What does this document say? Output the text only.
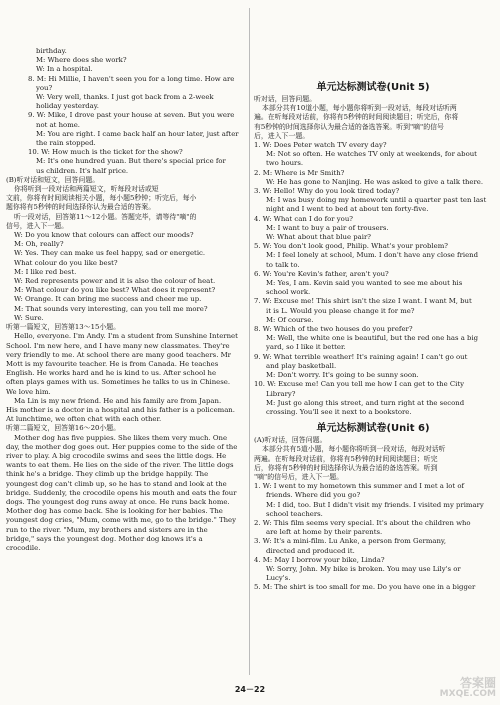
birthday.

M: Where does she work?

W: In a hospital.

8. M: Hi Millie, I haven't seen you for a long time. How are

you?

W: Very well, thanks. I just got back from a 2-week

holiday yesterday.

9. W: Mike, I drove past your house at seven. But you were

not at home.

M: You are right. I came back half an hour later, just after

the rain stopped.

10. W: How much is the ticket for the show?

M: It's one hundred yuan. But there's special price for

us children. It's half price.

(B)听对话和短文，回答问题。

你将听到一段对话和两篇短文，听每段对话或短

文前，你将有时间阅读相关小题，每小题5秒钟；听完后，每小

题你将有5秒钟的时间选择你认为最合适的答案。

听一段对话，回答第11～12小题。答题完毕，请等待"嘀"的

信号，进入下一题。

W: Do you know that colours can affect our moods?

M: Oh, really?

W: Yes. They can make us feel happy, sad or energetic.

What colour do you like best?

M: I like red best.

W: Red represents power and it is also the colour of heat.

M: What colour do you like best? What does it represent?

W: Orange. It can bring me success and cheer me up.

M: That sounds very interesting, can you tell me more?

W: Sure.

听第一篇短文，回答第13～15小题。

Hello, everyone. I'm Andy. I'm a student from Sunshine Internet

School. I'm new here, and I have many new classmates. They're

very friendly to me. At school there are many good teachers. Mr

Mott is my favourite teacher. He is from Canada. He teaches

English. He works hard and he is kind to us. After school he

often plays games with us. Sometimes he talks to us in Chinese.

We love him.

Ma Lin is my new friend. He and his family are from Japan.

His mother is a doctor in a hospital and his father is a policeman.

At lunchtime, we often chat with each other.

听第二篇短文，回答第16～20小题。

Mother dog has five puppies. She likes them very much. One

day, the mother dog goes out. Her puppies come to the side of the

river to play. A big crocodile swims and sees the little dogs. He

wants to eat them. He lies on the side of the river. The little dogs

think he's a bridge. They climb up the bridge happily. The

youngest dog can't climb up, so he has to stand and look at the

bridge. Suddenly, the crocodile opens his mouth and eats the four

dogs. The youngest dog runs away at once. He runs back home.

Mother dog has come back. She is looking for her babies. The

youngest dog cries, "Mum, come with me, go to the bridge." They

run to the river. "Mum, my brothers and sisters are in the

bridge," says the youngest dog. Mother dog knows it's a

crocodile.

单元达标测试卷(Unit 5)

听对话，回答问题。

本部分共有10道小题，每小题你将听到一段对话，每段对话听两

遍。在听每段对话前，你将有5秒钟的时间阅读题目；听完后，你将

有5秒钟的时间选择你认为最合适的备选答案。听到"嘀"的信号

后，进入下一题。

1. W: Does Peter watch TV every day?

M: Not so often. He watches TV only at weekends, for about

two hours.

2. M: Where is Mr Smith?

W: He has gone to Nanjing. He was asked to give a talk there.

3. W: Hello! Why do you look tired today?

M: I was busy doing my homework until a quarter past ten last

night and I went to bed at about ten forty-five.

4. W: What can I do for you?

M: I want to buy a pair of trousers.

W: What about that blue pair?

5. W: You don't look good, Philip. What's your problem?

M: I feel lonely at school, Mum. I don't have any close friend

to talk to.

6. W: You're Kevin's father, aren't you?

M: Yes, I am. Kevin said you wanted to see me about his

school work.

7. W: Excuse me! This shirt isn't the size I want. I want M, but

it is L. Would you please change it for me?

M: Of course.

8. W: Which of the two houses do you prefer?

M: Well, the white one is beautiful, but the red one has a big

yard, so I like it better.

9. W: What terrible weather! It's raining again! I can't go out

and play basketball.

M: Don't worry. It's going to be sunny soon.

10. W: Excuse me! Can you tell me how I can get to the City

Library?

M: Just go along this street, and turn right at the second

crossing. You'll see it next to a bookstore.

单元达标测试卷(Unit 6)

(A)听对话，回答问题。

本部分共有5道小题，每小题你将听到一段对话，每段对话听

两遍。在听每段对话前，你将有5秒钟的时间阅读题目；听完

后，你将有5秒钟的时间选择你认为最合适的备选答案。听到

"嘀"的信号后，进入下一题。

1. W: I went to my hometown this summer and I met a lot of

friends. Where did you go?

M: I did, too. But I didn't visit my friends. I visited my primary

school teachers.

2. W: This film seems very special. It's about the children who

are left at home by their parents.

3. W: It's a mini-film. Lu Anke, a person from Germany,

directed and produced it.

4. M: May I borrow your bike, Linda?

W: Sorry, John. My bike is broken. You may use Lily's or

Lucy's.

5. M: The shirt is too small for me. Do you have one in a bigger

24－22	答案圈
MXQE.COM
